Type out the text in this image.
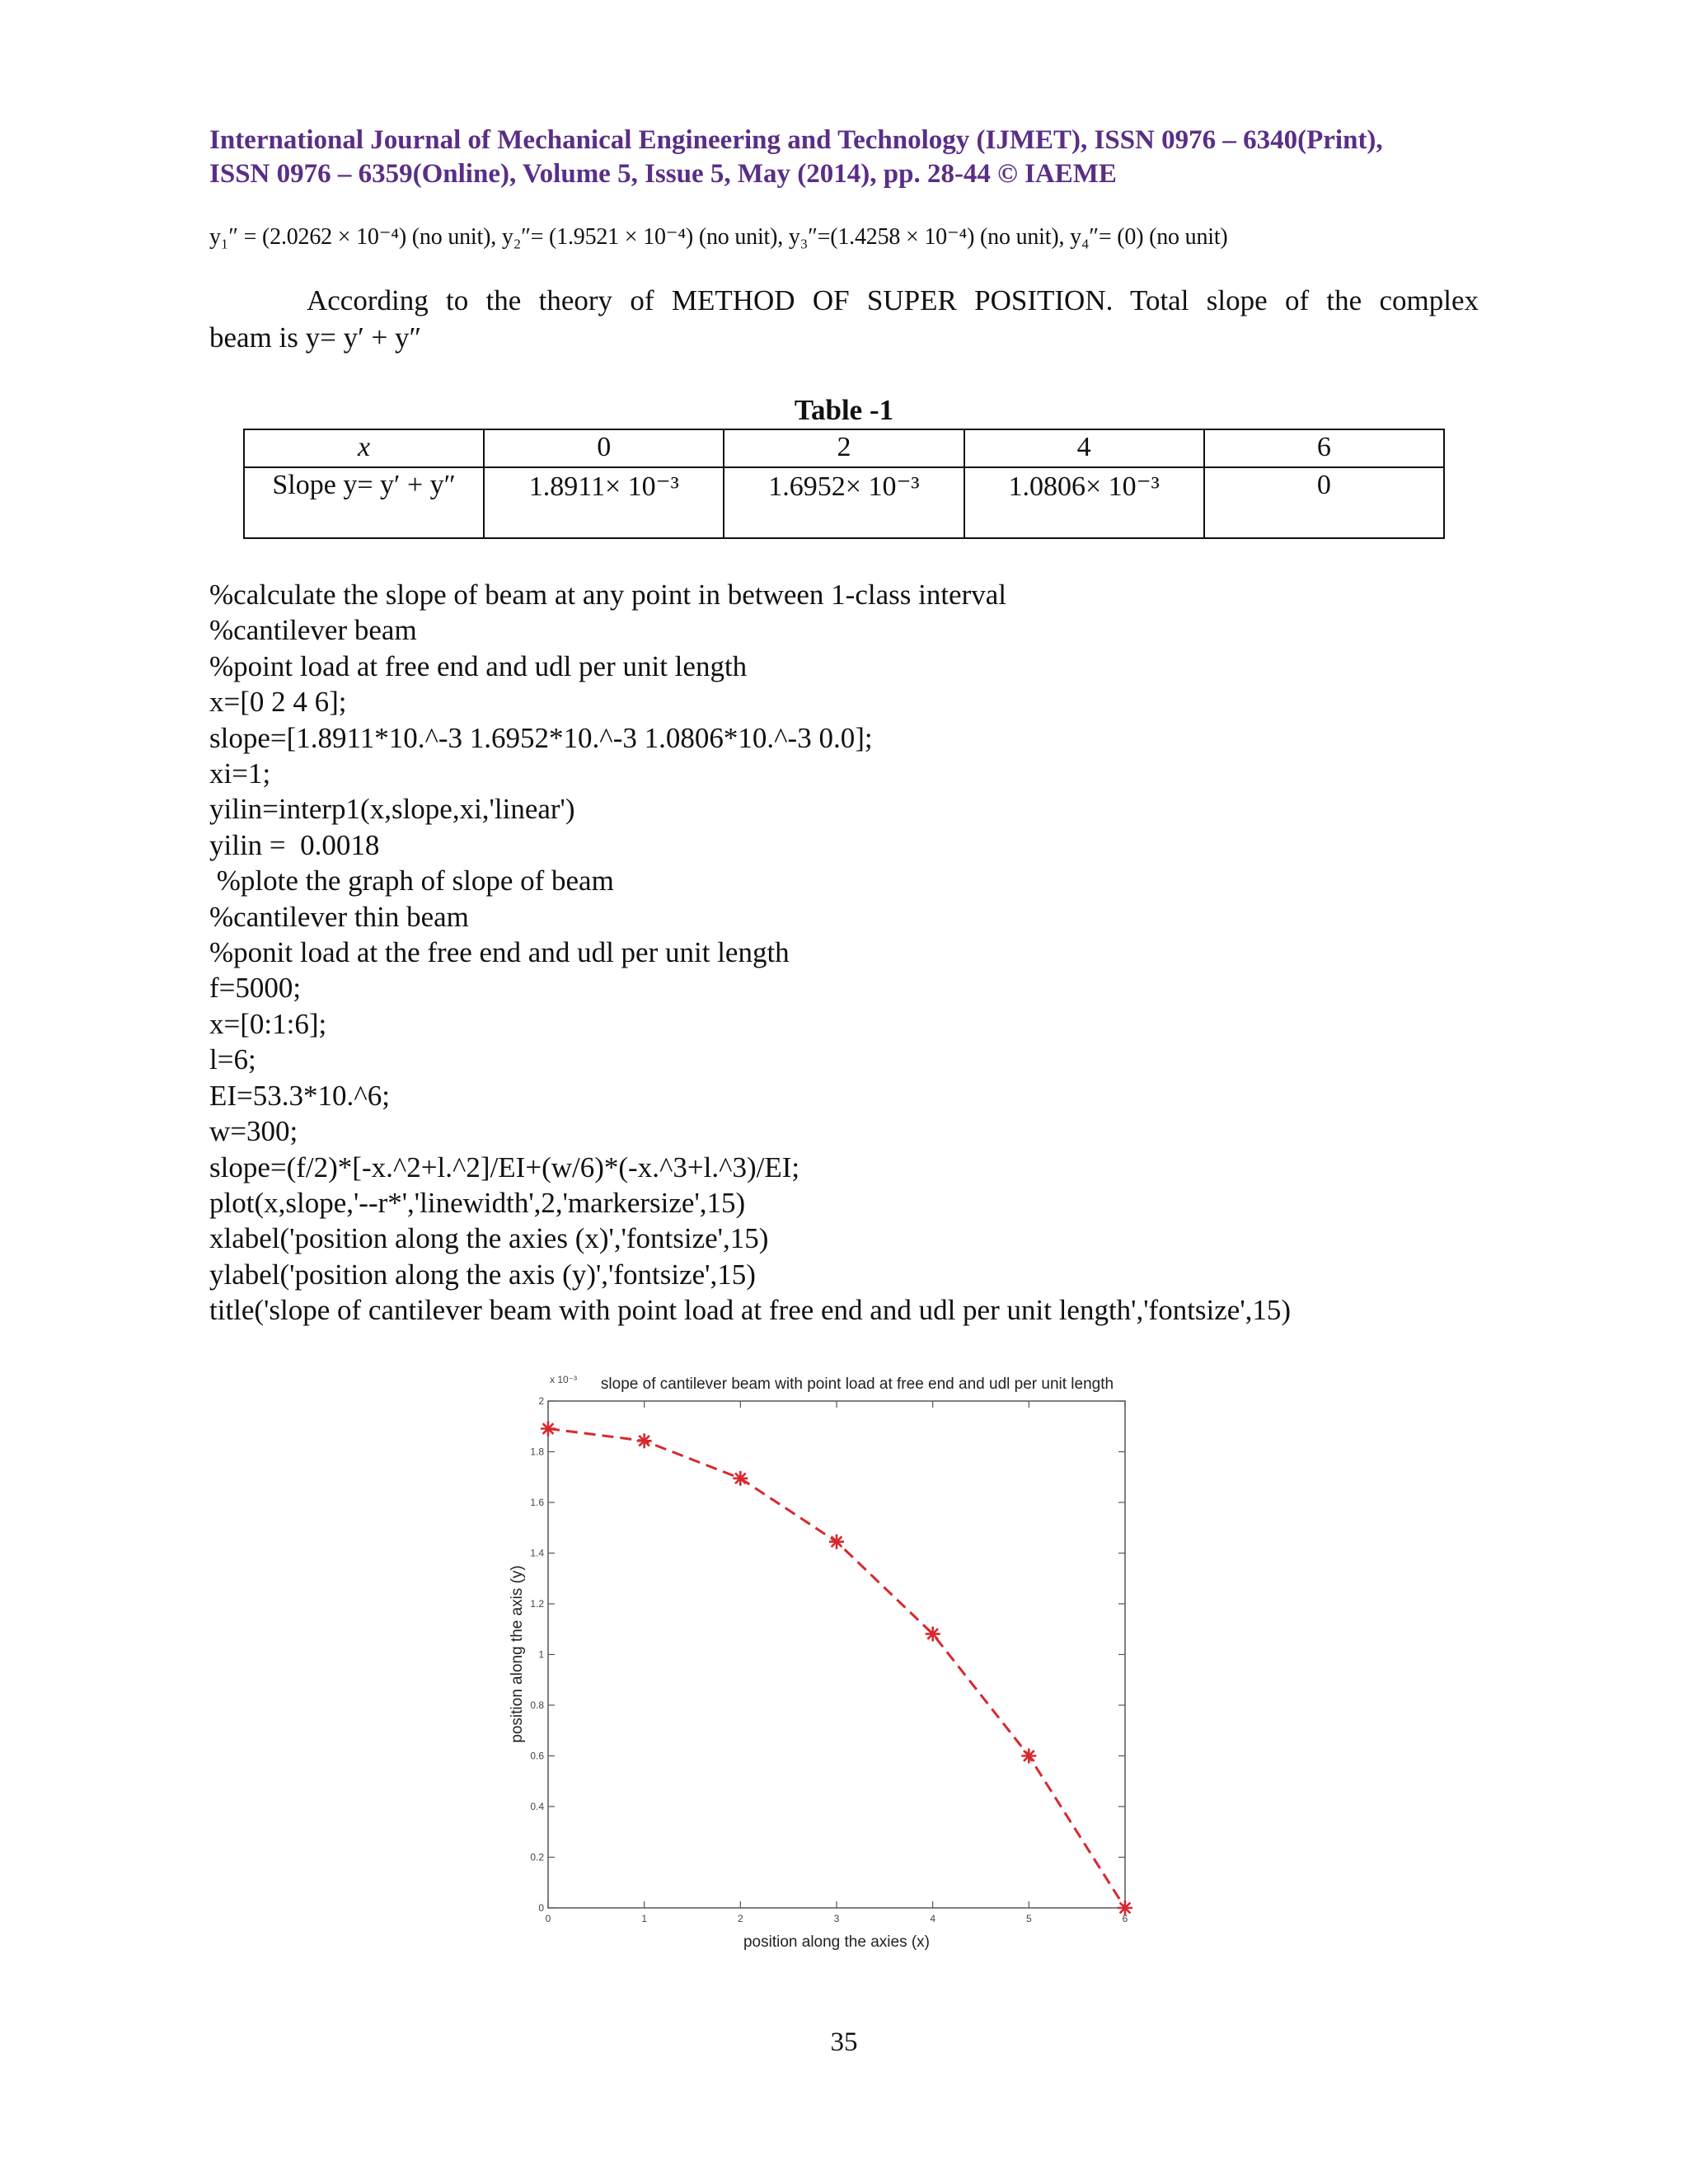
International Journal of Mechanical Engineering and Technology (IJMET), ISSN 0976 – 6340(Print),
ISSN 0976 – 6359(Online), Volume 5, Issue 5, May (2014), pp. 28-44 © IAEME
y₁″ = (2.0262 × 10⁻⁴) (no unit), y₂″= (1.9521 × 10⁻⁴) (no unit), y₃″=(1.4258 × 10⁻⁴) (no unit), y₄″= (0) (no unit)
According to the theory of METHOD OF SUPER POSITION. Total slope of the complex
beam is y= y′ + y″
Table -1
x	0	2	4	6
Slope y= y′ + y″	1.8911× 10⁻³	1.6952× 10⁻³	1.0806× 10⁻³	0
%calculate the slope of beam at any point in between 1-class interval
%cantilever beam
%point load at free end and udl per unit length
x=[0 2 4 6];
slope=[1.8911*10.^-3 1.6952*10.^-3 1.0806*10.^-3 0.0];
xi=1;
yilin=interp1(x,slope,xi,'linear')
yilin =  0.0018
%plote the graph of slope of beam
%cantilever thin beam
%ponit load at the free end and udl per unit length
f=5000;
x=[0:1:6];
l=6;
EI=53.3*10.^6;
w=300;
slope=(f/2)*[-x.^2+l.^2]/EI+(w/6)*(-x.^3+l.^3)/EI;
plot(x,slope,'--r*','linewidth',2,'markersize',15)
xlabel('position along the axies (x)','fontsize',15)
ylabel('position along the axis (y)','fontsize',15)
title('slope of cantilever beam with point load at free end and udl per unit length','fontsize',15)
0	1	2	3	4	5	6
0
0.2
0.4
0.6
0.8
1
1.2
1.4
1.6
1.8
2
slope of cantilever beam with point load at free end and udl per unit length
x 10⁻³
position along the axies (x)
position along the axis (y)
35
